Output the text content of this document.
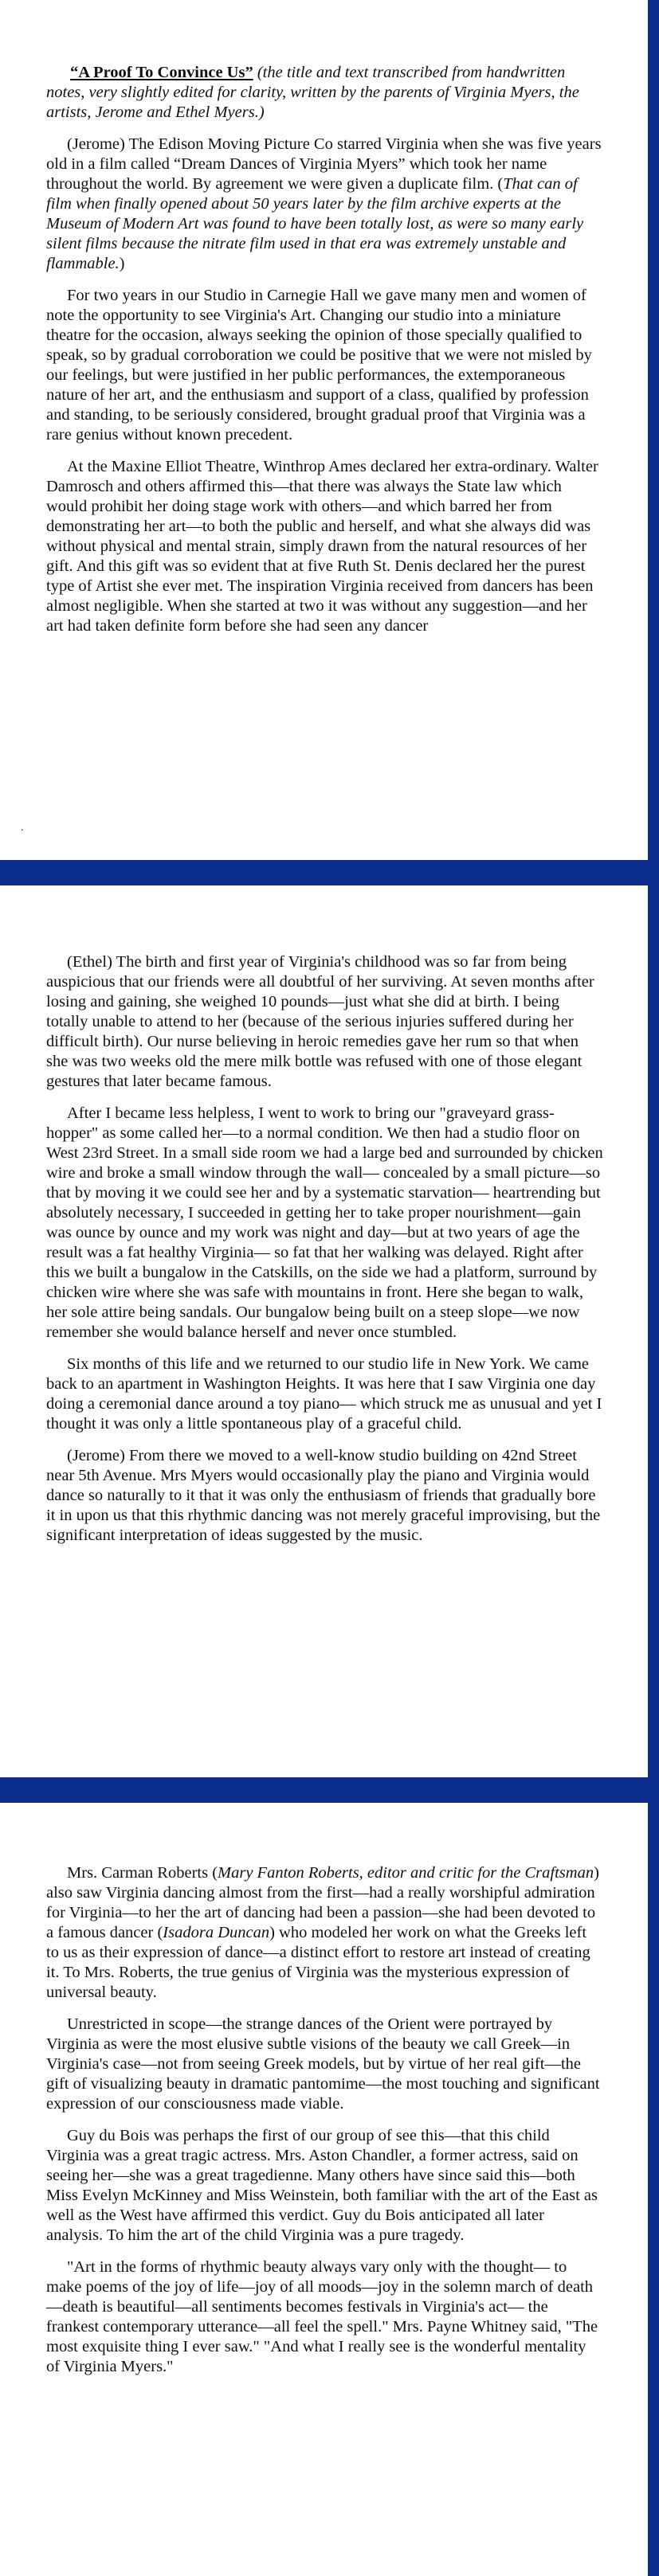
“A Proof To Convince Us” (the title and text transcribed from handwritten notes, very slightly edited for clarity, written by the parents of Virginia Myers, the artists, Jerome and Ethel Myers.)

(Jerome) The Edison Moving Picture Co starred Virginia when she was five years old in a film called “Dream Dances of Virginia Myers” which took her name throughout the world. By agreement we were given a duplicate film. (That can of film when finally opened about 50 years later by the film archive experts at the Museum of Modern Art was found to have been totally lost, as were so many early silent films because the nitrate film used in that era was extremely unstable and flammable.)

For two years in our Studio in Carnegie Hall we gave many men and women of note the opportunity to see Virginia's Art. Changing our studio into a miniature theatre for the occasion, always seeking the opinion of those specially qualified to speak, so by gradual corroboration we could be positive that we were not misled by our feelings, but were justified in her public performances, the extemporaneous nature of her art, and the enthusiasm and support of a class, qualified by profession and standing, to be seriously considered, brought gradual proof that Virginia was a rare genius without known precedent.

At the Maxine Elliot Theatre, Winthrop Ames declared her extra-ordinary. Walter Damrosch and others affirmed this—that there was always the State law which would prohibit her doing stage work with others—and which barred her from demonstrating her art—to both the public and herself, and what she always did was without physical and mental strain, simply drawn from the natural resources of her gift. And this gift was so evident that at five Ruth St. Denis declared her the purest type of Artist she ever met. The inspiration Virginia received from dancers has been almost negligible. When she started at two it was without any suggestion—and her art had taken definite form before she had seen any dancer

.

(Ethel) The birth and first year of Virginia's childhood was so far from being auspicious that our friends were all doubtful of her surviving. At seven months after losing and gaining, she weighed 10 pounds—just what she did at birth. I being totally unable to attend to her (because of the serious injuries suffered during her difficult birth). Our nurse believing in heroic remedies gave her rum so that when she was two weeks old the mere milk bottle was refused with one of those elegant gestures that later became famous.

After I became less helpless, I went to work to bring our "graveyard grass-hopper" as some called her—to a normal condition. We then had a studio floor on West 23rd Street. In a small side room we had a large bed and surrounded by chicken wire and broke a small window through the wall— concealed by a small picture—so that by moving it we could see her and by a systematic starvation— heartrending but absolutely necessary, I succeeded in getting her to take proper nourishment—gain was ounce by ounce and my work was night and day—but at two years of age the result was a fat healthy Virginia— so fat that her walking was delayed. Right after this we built a bungalow in the Catskills, on the side we had a platform, surround by chicken wire where she was safe with mountains in front. Here she began to walk, her sole attire being sandals. Our bungalow being built on a steep slope—we now remember she would balance herself and never once stumbled.

Six months of this life and we returned to our studio life in New York. We came back to an apartment in Washington Heights. It was here that I saw Virginia one day doing a ceremonial dance around a toy piano— which struck me as unusual and yet I thought it was only a little spontaneous play of a graceful child.

(Jerome) From there we moved to a well-know studio building on 42nd Street near 5th Avenue. Mrs Myers would occasionally play the piano and Virginia would dance so naturally to it that it was only the enthusiasm of friends that gradually bore it in upon us that this rhythmic dancing was not merely graceful improvising, but the significant interpretation of ideas suggested by the music.

Mrs. Carman Roberts (Mary Fanton Roberts, editor and critic for the Craftsman) also saw Virginia dancing almost from the first—had a really worshipful admiration for Virginia—to her the art of dancing had been a passion—she had been devoted to a famous dancer (Isadora Duncan) who modeled her work on what the Greeks left to us as their expression of dance—a distinct effort to restore art instead of creating it. To Mrs. Roberts, the true genius of Virginia was the mysterious expression of universal beauty.

Unrestricted in scope—the strange dances of the Orient were portrayed by Virginia as were the most elusive subtle visions of the beauty we call Greek—in Virginia's case—not from seeing Greek models, but by virtue of her real gift—the gift of visualizing beauty in dramatic pantomime—the most touching and significant expression of our consciousness made viable.

Guy du Bois was perhaps the first of our group of see this—that this child Virginia was a great tragic actress. Mrs. Aston Chandler, a former actress, said on seeing her—she was a great tragedienne. Many others have since said this—both Miss Evelyn McKinney and Miss Weinstein, both familiar with the art of the East as well as the West have affirmed this verdict. Guy du Bois anticipated all later analysis. To him the art of the child Virginia was a pure tragedy.

"Art in the forms of rhythmic beauty always vary only with the thought— to make poems of the joy of life—joy of all moods—joy in the solemn march of death—death is beautiful—all sentiments becomes festivals in Virginia's act— the frankest contemporary utterance—all feel the spell." Mrs. Payne Whitney said, "The most exquisite thing I ever saw." "And what I really see is the wonderful mentality of Virginia Myers."
